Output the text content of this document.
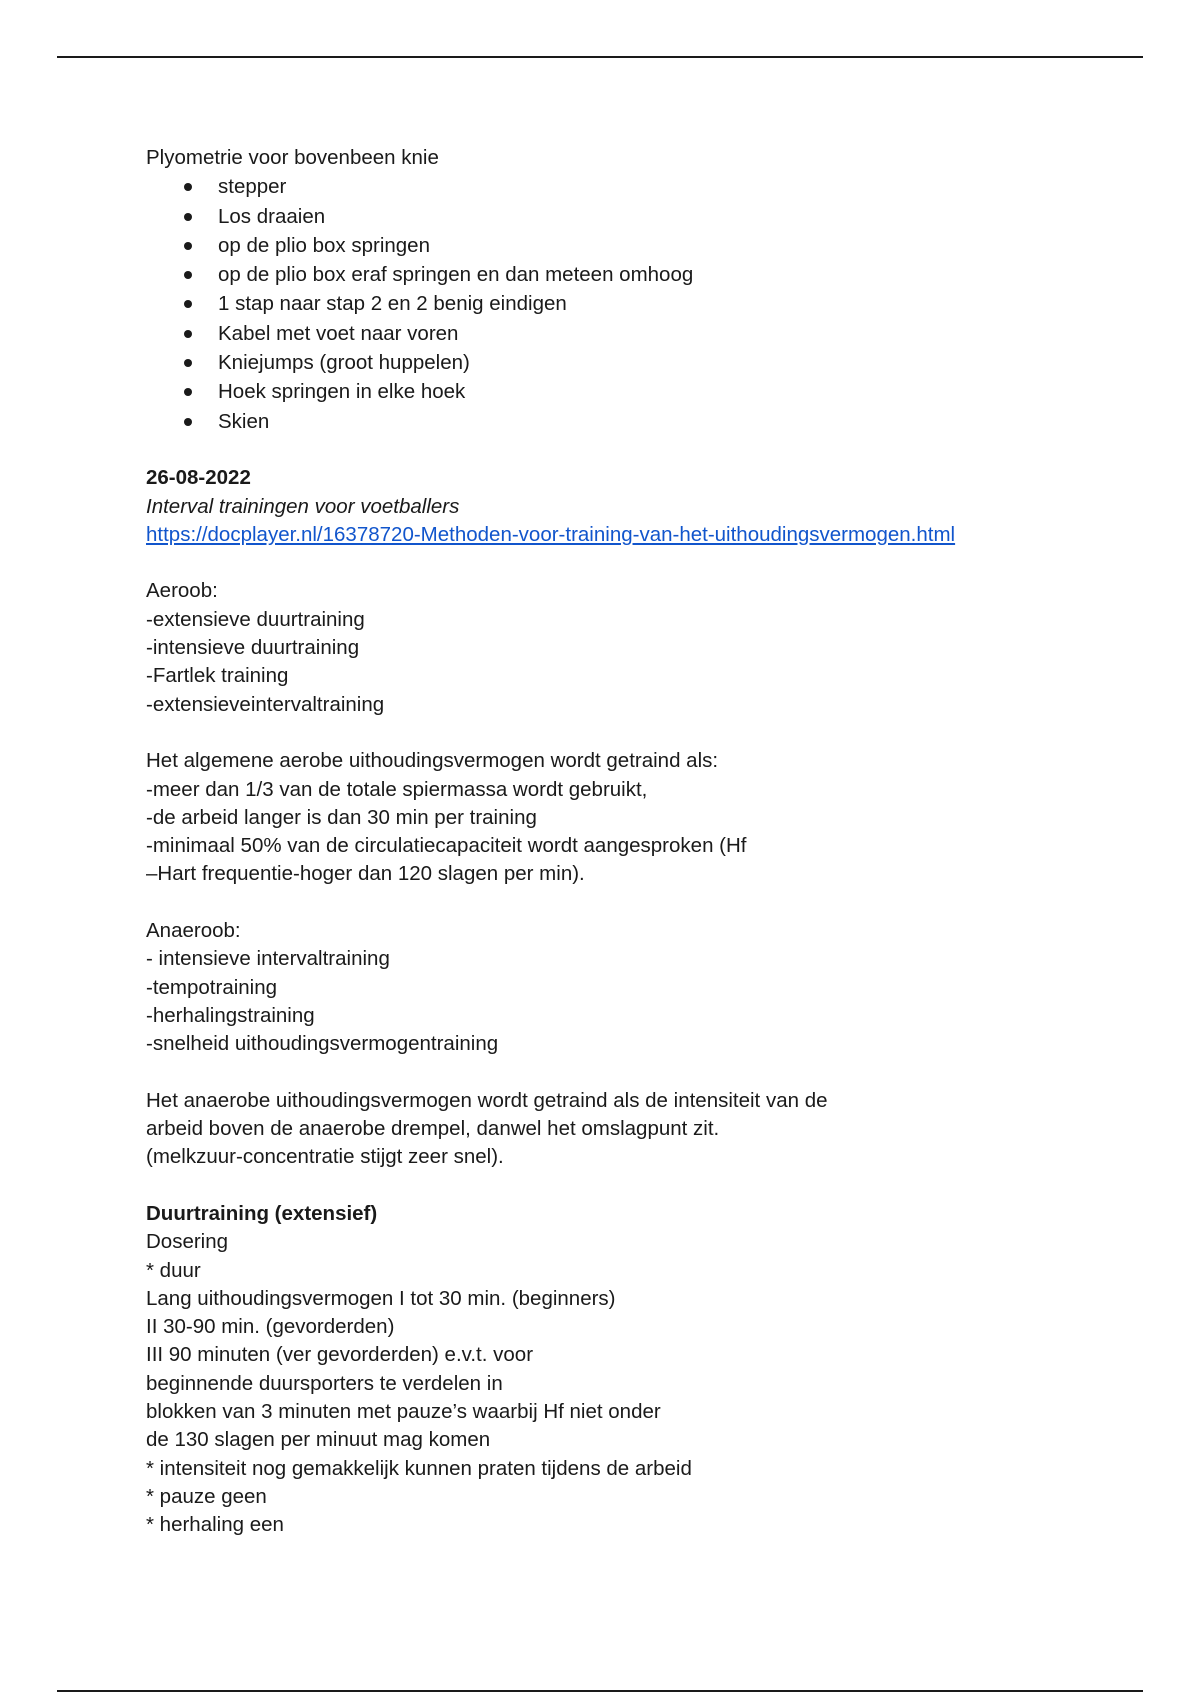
Plyometrie voor bovenbeen knie
stepper
Los draaien
op de plio box springen
op de plio box eraf springen en dan meteen omhoog
1 stap naar stap 2 en 2 benig eindigen
Kabel met voet naar voren
Kniejumps (groot huppelen)
Hoek springen in elke hoek
Skien
26-08-2022
Interval trainingen voor voetballers
https://docplayer.nl/16378720-Methoden-voor-training-van-het-uithoudingsvermogen.html
Aeroob:
-extensieve duurtraining
-intensieve duurtraining
-Fartlek training
-extensieveintervaltraining
Het algemene aerobe uithoudingsvermogen wordt getraind als:
-meer dan 1/3 van de totale spiermassa wordt gebruikt,
-de arbeid langer is dan 30 min per training
-minimaal 50% van de circulatiecapaciteit wordt aangesproken (Hf
–Hart frequentie-hoger dan 120 slagen per min).
Anaeroob:
- intensieve intervaltraining
-tempotraining
-herhalingstraining
-snelheid uithoudingsvermogentraining
Het anaerobe uithoudingsvermogen wordt getraind als de intensiteit van de
arbeid boven de anaerobe drempel, danwel het omslagpunt zit.
(melkzuur-concentratie stijgt zeer snel).
Duurtraining (extensief)
Dosering
* duur
Lang uithoudingsvermogen I tot 30 min. (beginners)
II 30-90 min. (gevorderden)
III 90 minuten (ver gevorderden) e.v.t. voor
beginnende duursporters te verdelen in
blokken van 3 minuten met pauze’s waarbij Hf niet onder
de 130 slagen per minuut mag komen
* intensiteit nog gemakkelijk kunnen praten tijdens de arbeid
* pauze geen
* herhaling een
